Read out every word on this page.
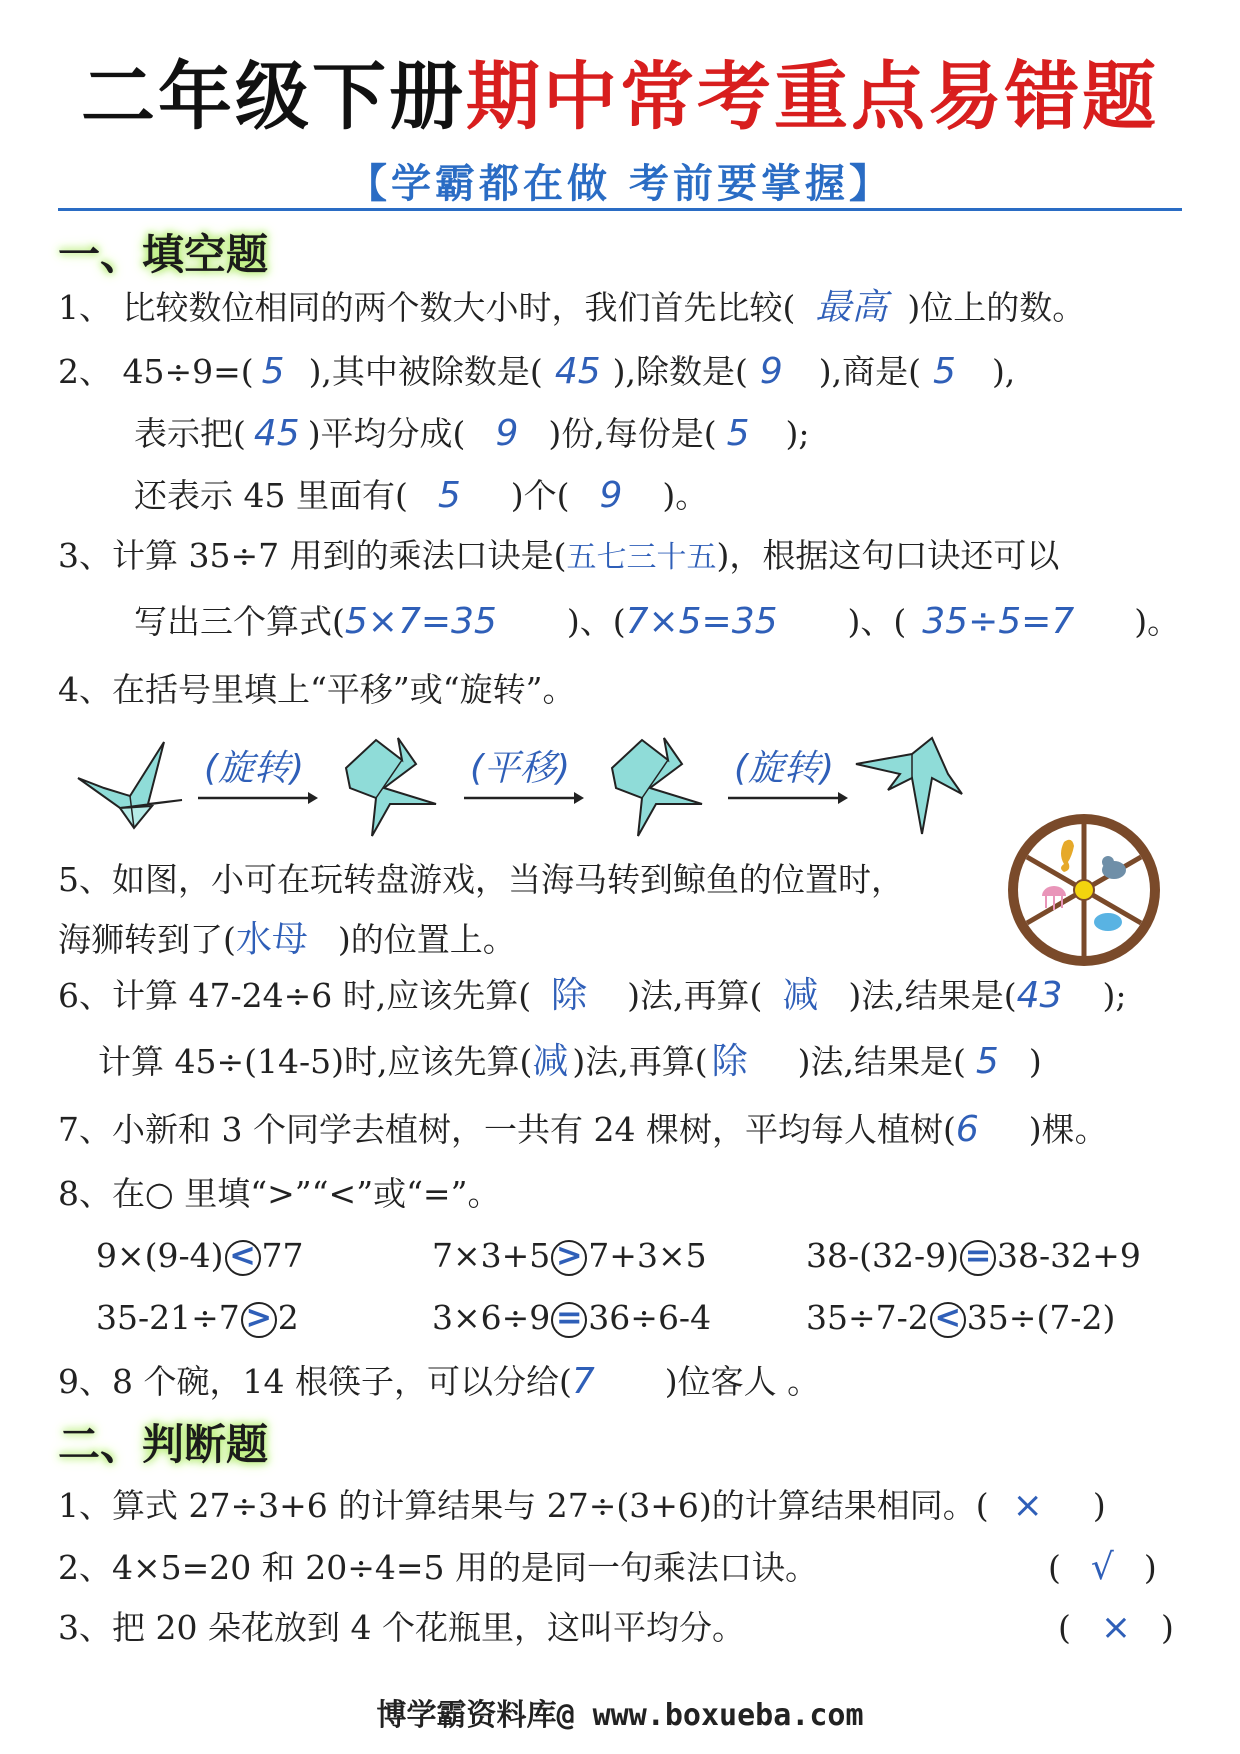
二年级下册期中常考重点易错题
【学霸都在做 考前要掌握】
一、填空题
1、 比较数位相同的两个数大小时，我们首先比较( 最高 )位上的数。
2、 45÷9=( 5 ),其中被除数是( 45 ),除数是( 9 ),商是( 5 ),
表示把( 45 )平均分成( 9 )份,每份是( 5 );
还表示 45 里面有( 5 )个( 9 )。
3、计算 35÷7 用到的乘法口诀是(五七三十五)，根据这句口诀还可以
写出三个算式(5×7=35 )、(7×5=35 )、( 35÷5=7 )。
4、在括号里填上“平移”或“旋转”。
(旋转)	(平移)	(旋转)
5、如图，小可在玩转盘游戏，当海马转到鲸鱼的位置时，
海狮转到了(水母 )的位置上。
6、计算 47-24÷6 时,应该先算( 除 )法,再算( 减 )法,结果是(43 );
计算 45÷(14-5)时,应该先算(减 )法,再算( 除 )法,结果是( 5 )
7、小新和 3 个同学去植树，一共有 24 棵树，平均每人植树(6 )棵。
8、在○ 里填“>”“<”或“=”。
9×(9-4) < 77	7×3+5 > 7+3×5	38-(32-9) = 38-32+9
35-21÷7 > 2	3×6÷9 = 36÷6-4	35÷7-2 < 35÷(7-2)
9、8 个碗，14 根筷子，可以分给(7 )位客人 。
二、判断题
1、算式 27÷3+6 的计算结果与 27÷(3+6)的计算结果相同。( × )
2、4×5=20 和 20÷4=5 用的是同一句乘法口诀。	( √ )
3、把 20 朵花放到 4 个花瓶里，这叫平均分。	( × )
博学霸资料库@ www.boxueba.com
